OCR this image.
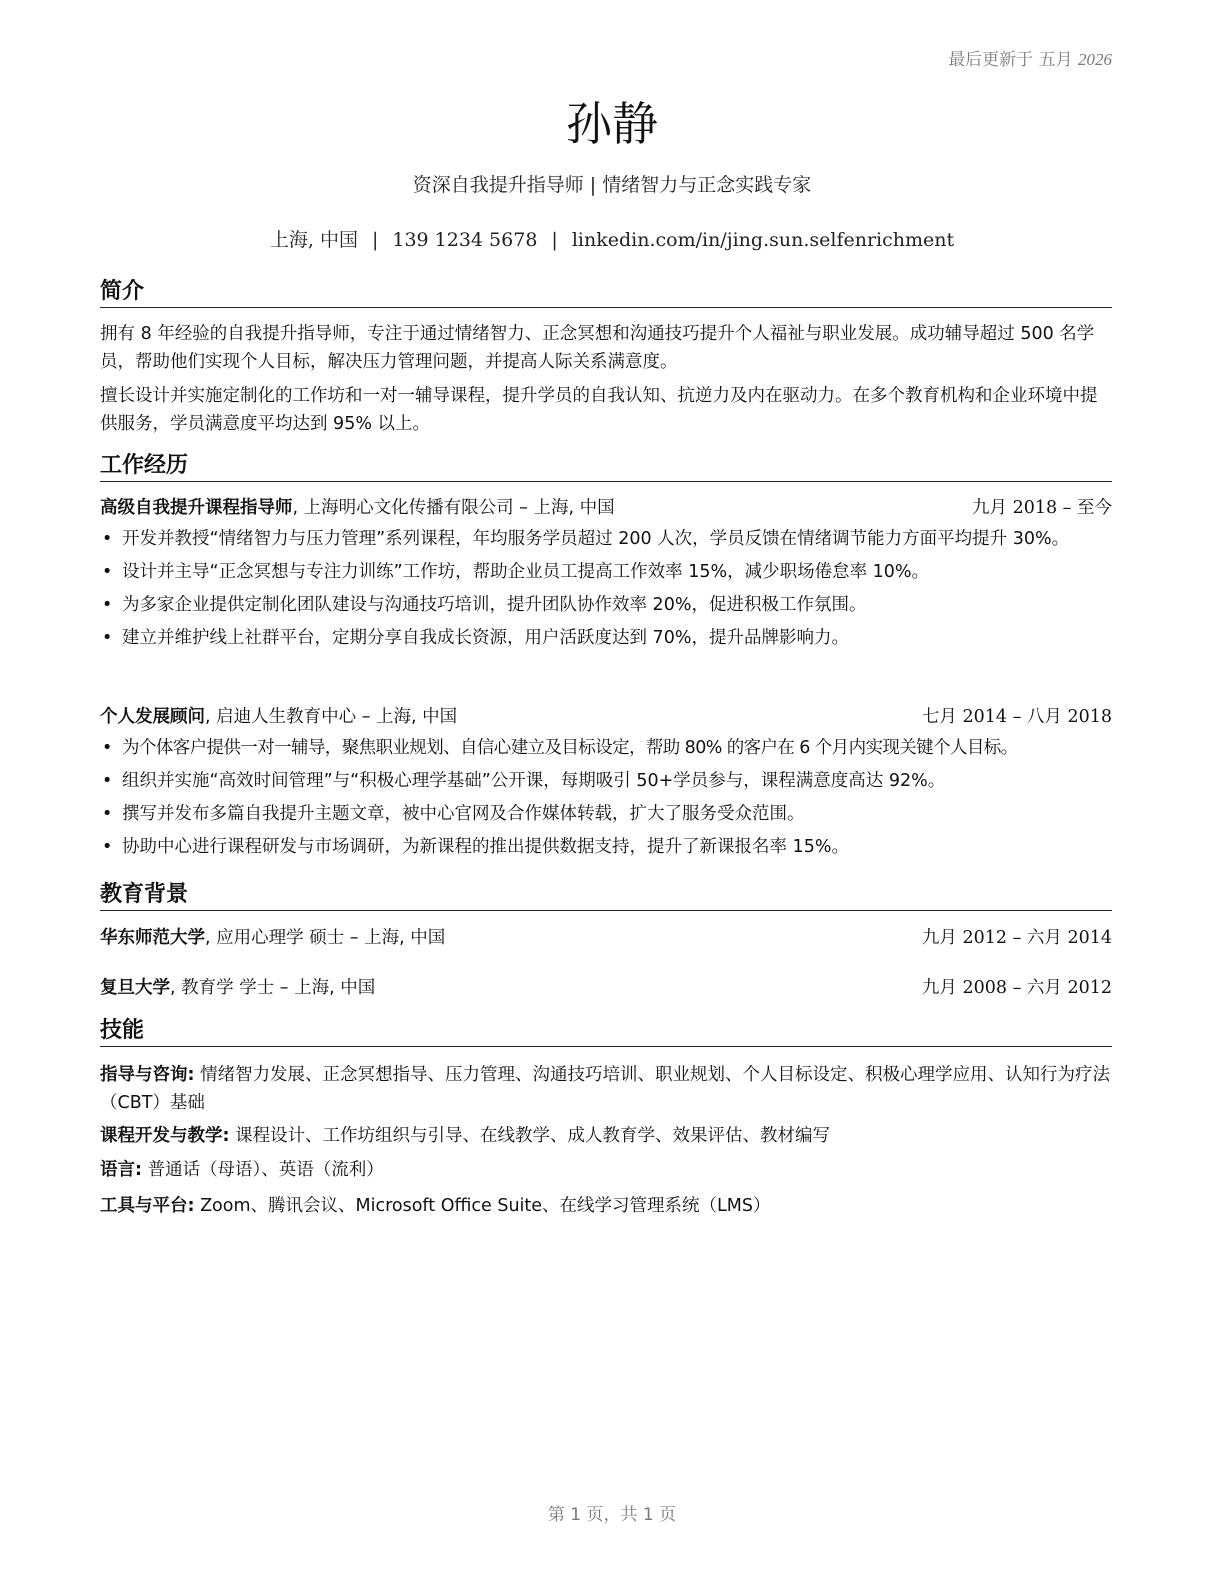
最后更新于 五月 2026
孙静
资深自我提升指导师 | 情绪智力与正念实践专家
上海, 中国 | 139 1234 5678 | linkedin.com/in/jing.sun.selfenrichment
简介
拥有 8 年经验的自我提升指导师，专注于通过情绪智力、正念冥想和沟通技巧提升个人福祉与职业发展。成功辅导超过 500 名学员，帮助他们实现个人目标，解决压力管理问题，并提高人际关系满意度。
擅长设计并实施定制化的工作坊和一对一辅导课程，提升学员的自我认知、抗逆力及内在驱动力。在多个教育机构和企业环境中提供服务，学员满意度平均达到 95% 以上。
工作经历
高级自我提升课程指导师, 上海明心文化传播有限公司 – 上海, 中国	九月 2018 – 至今
• 开发并教授“情绪智力与压力管理”系列课程，年均服务学员超过 200 人次，学员反馈在情绪调节能力方面平均提升 30%。
• 设计并主导“正念冥想与专注力训练”工作坊，帮助企业员工提高工作效率 15%，减少职场倦怠率 10%。
• 为多家企业提供定制化团队建设与沟通技巧培训，提升团队协作效率 20%，促进积极工作氛围。
• 建立并维护线上社群平台，定期分享自我成长资源，用户活跃度达到 70%，提升品牌影响力。
个人发展顾问, 启迪人生教育中心 – 上海, 中国	七月 2014 – 八月 2018
• 为个体客户提供一对一辅导，聚焦职业规划、自信心建立及目标设定，帮助 80% 的客户在 6 个月内实现关键个人目标。
• 组织并实施“高效时间管理”与“积极心理学基础”公开课，每期吸引 50+学员参与，课程满意度高达 92%。
• 撰写并发布多篇自我提升主题文章，被中心官网及合作媒体转载，扩大了服务受众范围。
• 协助中心进行课程研发与市场调研，为新课程的推出提供数据支持，提升了新课报名率 15%。
教育背景
华东师范大学, 应用心理学 硕士 – 上海, 中国	九月 2012 – 六月 2014
复旦大学, 教育学 学士 – 上海, 中国	九月 2008 – 六月 2012
技能
指导与咨询: 情绪智力发展、正念冥想指导、压力管理、沟通技巧培训、职业规划、个人目标设定、积极心理学应用、认知行为疗法（CBT）基础
课程开发与教学: 课程设计、工作坊组织与引导、在线教学、成人教育学、效果评估、教材编写
语言: 普通话（母语）、英语（流利）
工具与平台: Zoom、腾讯会议、Microsoft Office Suite、在线学习管理系统（LMS）
第 1 页，共 1 页
